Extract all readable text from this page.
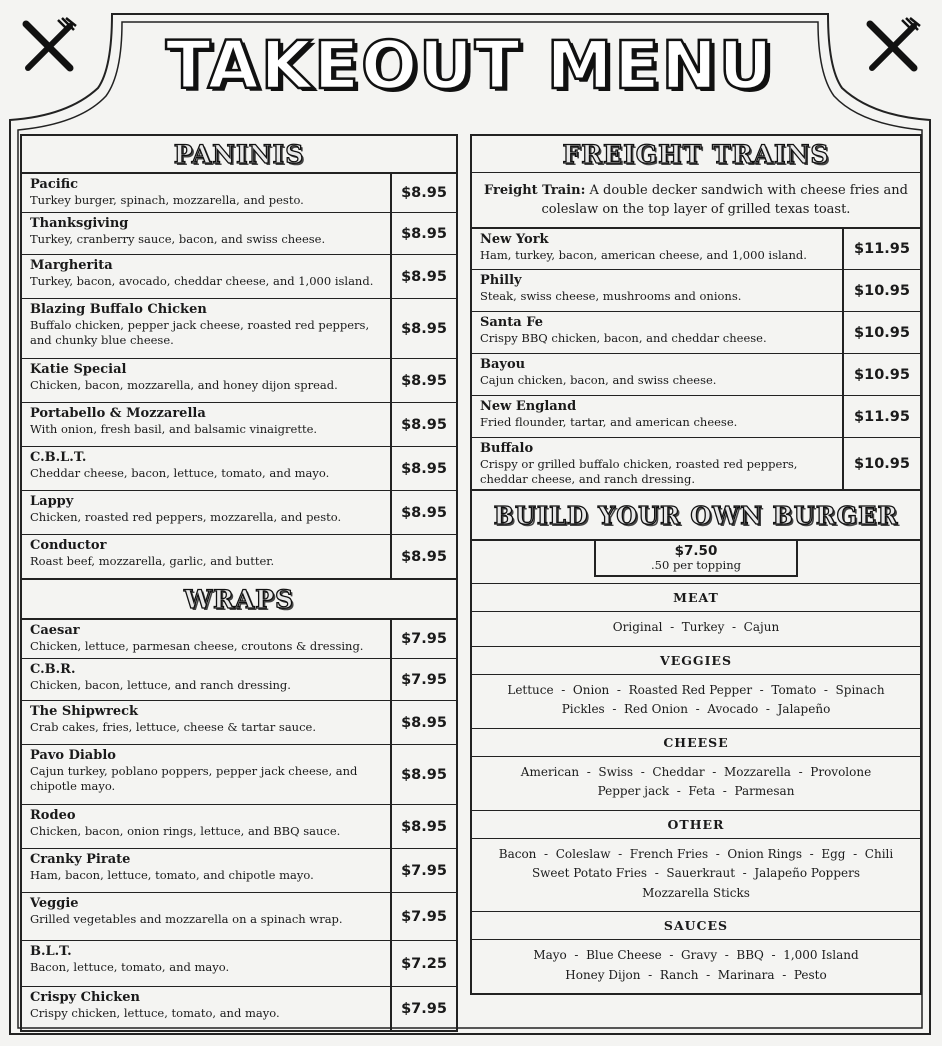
TAKEOUT MENU
PANINIS
Pacific
Turkey burger, spinach, mozzarella, and pesto.	$8.95
Thanksgiving
Turkey, cranberry sauce, bacon, and swiss cheese.	$8.95
Margherita
Turkey, bacon, avocado, cheddar cheese, and 1,000 island.	$8.95
Blazing Buffalo Chicken
Buffalo chicken, pepper jack cheese, roasted red peppers, and chunky blue cheese.
$8.95
Katie Special
Chicken, bacon, mozzarella, and honey dijon spread.	$8.95
Portabello & Mozzarella
With onion, fresh basil, and balsamic vinaigrette.	$8.95
C.B.L.T.
Cheddar cheese, bacon, lettuce, tomato, and mayo.	$8.95
Lappy
Chicken, roasted red peppers, mozzarella, and pesto.	$8.95
Conductor
Roast beef, mozzarella, garlic, and butter.	$8.95
WRAPS
Caesar
Chicken, lettuce, parmesan cheese, croutons & dressing.	$7.95
C.B.R.
Chicken, bacon, lettuce, and ranch dressing.	$7.95
The Shipwreck
Crab cakes, fries, lettuce, cheese & tartar sauce.	$8.95
Pavo Diablo
Cajun turkey, poblano poppers, pepper jack cheese, and chipotle mayo.
$8.95
Rodeo
Chicken, bacon, onion rings, lettuce, and BBQ sauce.	$8.95
Cranky Pirate
Ham, bacon, lettuce, tomato, and chipotle mayo.	$7.95
Veggie
Grilled vegetables and mozzarella on a spinach wrap.	$7.95
B.L.T.
Bacon, lettuce, tomato, and mayo.	$7.25
Crispy Chicken
Crispy chicken, lettuce, tomato, and mayo.	$7.95
FREIGHT TRAINS
Freight Train: A double decker sandwich with cheese fries and coleslaw on the top layer of grilled texas toast.
New York
Ham, turkey, bacon, american cheese, and 1,000 island.	$11.95
Philly
Steak, swiss cheese, mushrooms and onions.	$10.95
Santa Fe
Crispy BBQ chicken, bacon, and cheddar cheese.	$10.95
Bayou
Cajun chicken, bacon, and swiss cheese.	$10.95
New England
Fried flounder, tartar, and american cheese.	$11.95
Buffalo
Crispy or grilled buffalo chicken, roasted red peppers, cheddar cheese, and ranch dressing.
$10.95
BUILD YOUR OWN BURGER
$7.50
.50 per topping
MEAT
Original  -  Turkey  -  Cajun
VEGGIES
Lettuce  -  Onion  -  Roasted Red Pepper  -  Tomato  -  Spinach
Pickles  -  Red Onion  -  Avocado  -  Jalapeño
CHEESE
American  -  Swiss  -  Cheddar  -  Mozzarella  -  Provolone
Pepper jack  -  Feta  -  Parmesan
OTHER
Bacon  -  Coleslaw  -  French Fries  -  Onion Rings  -  Egg  -  Chili
Sweet Potato Fries  -  Sauerkraut  -  Jalapeño Poppers
Mozzarella Sticks
SAUCES
Mayo  -  Blue Cheese  -  Gravy  -  BBQ  -  1,000 Island
Honey Dijon  -  Ranch  -  Marinara  -  Pesto
